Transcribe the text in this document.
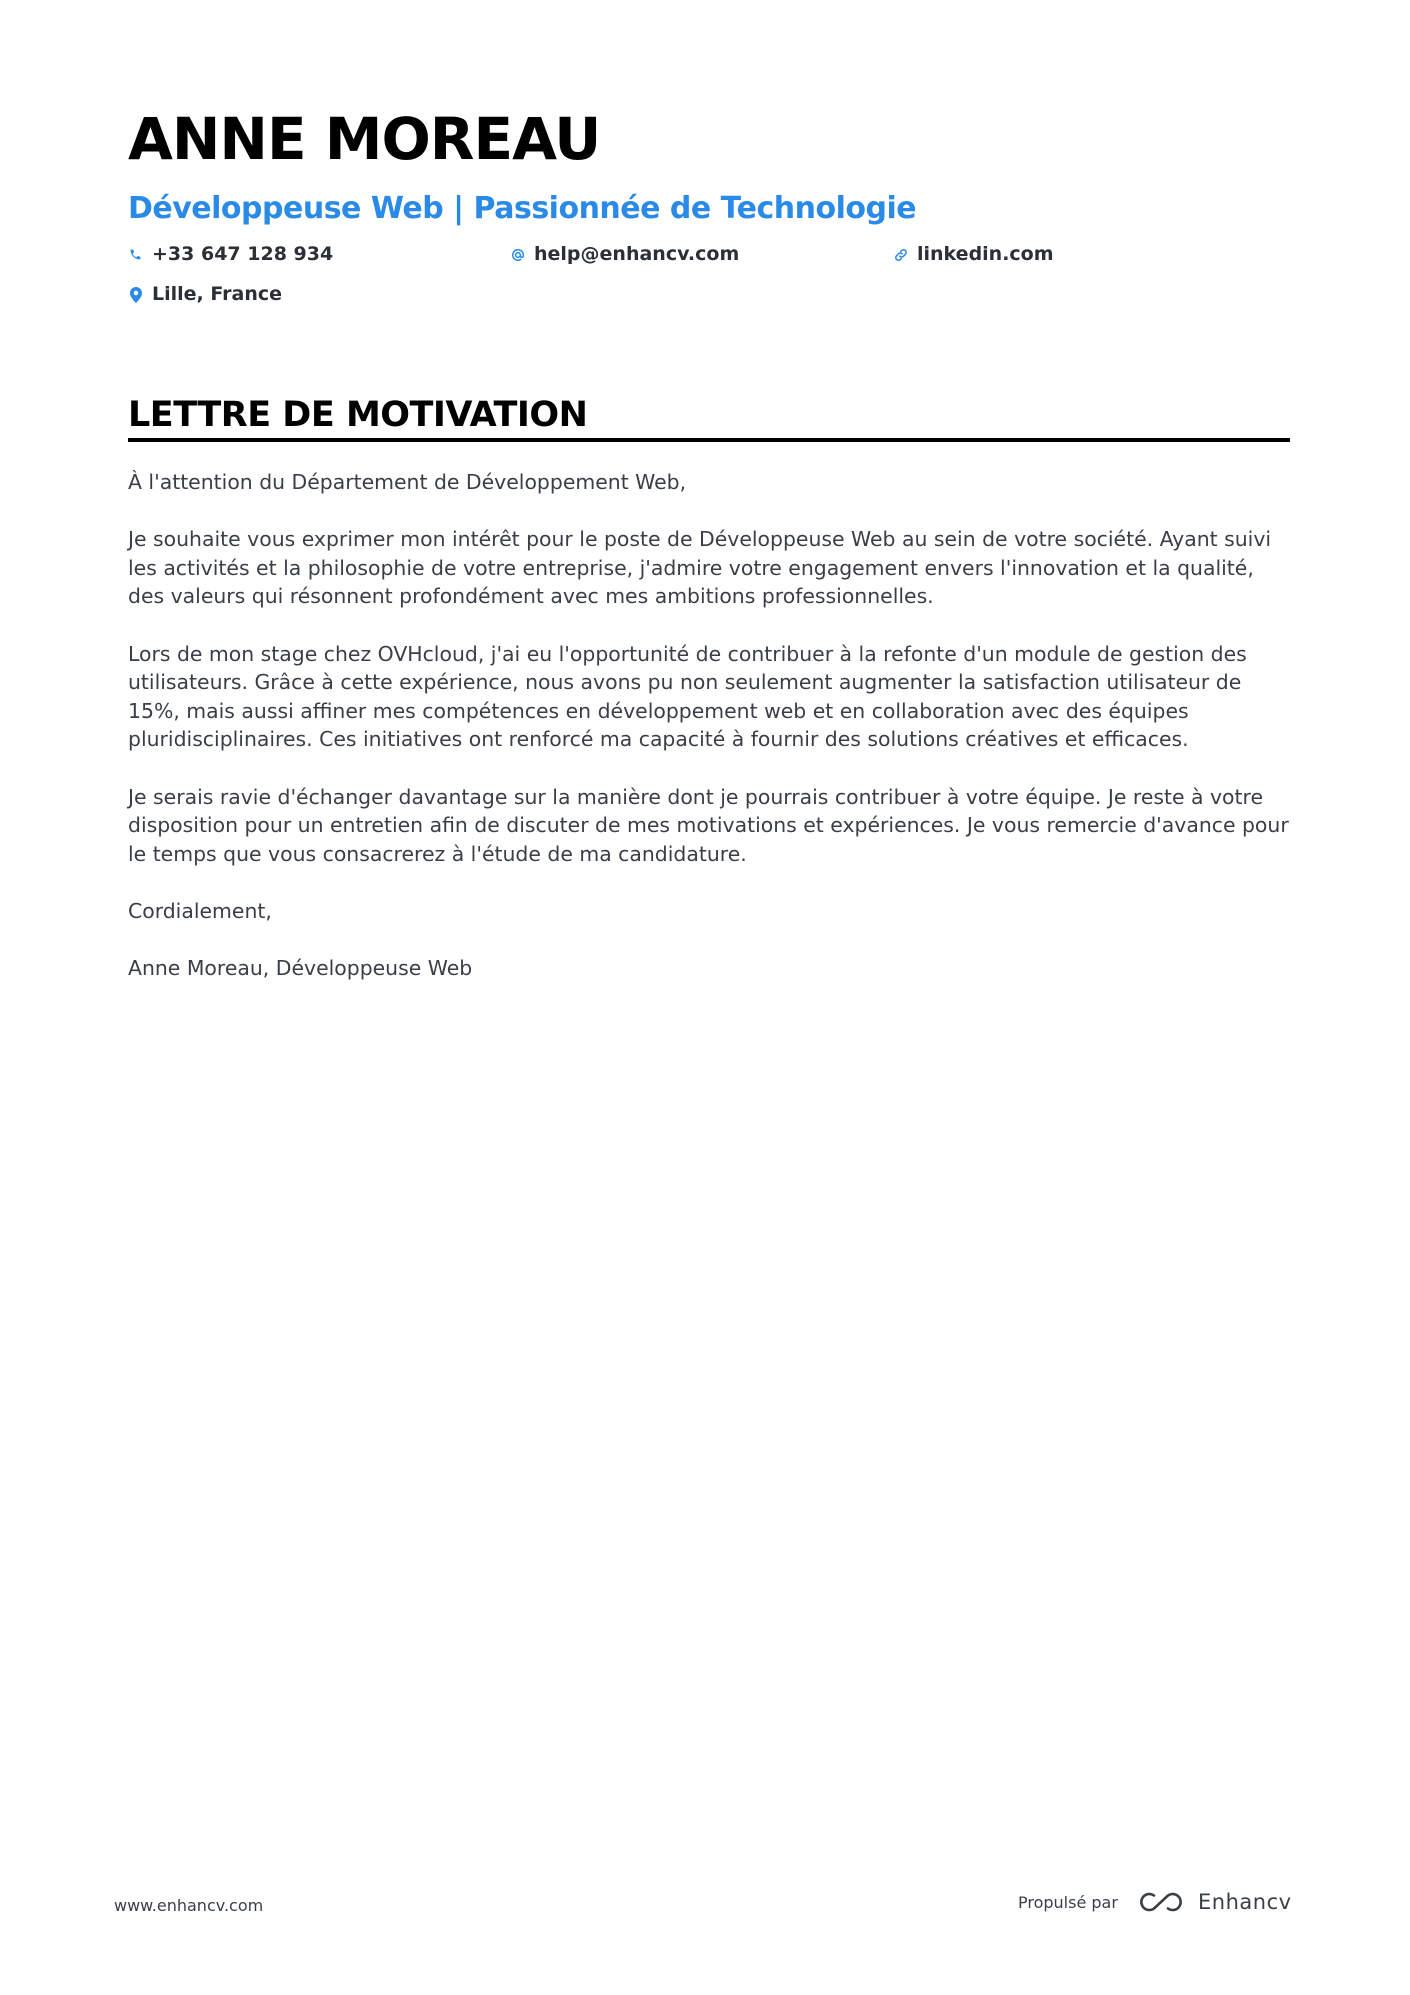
ANNE MOREAU
Développeuse Web | Passionnée de Technologie
+33 647 128 934	help@enhancv.com	linkedin.com
Lille, France
LETTRE DE MOTIVATION

À l'attention du Département de Développement Web,

Je souhaite vous exprimer mon intérêt pour le poste de Développeuse Web au sein de votre société. Ayant suivi les activités et la philosophie de votre entreprise, j'admire votre engagement envers l'innovation et la qualité, des valeurs qui résonnent profondément avec mes ambitions professionnelles.

Lors de mon stage chez OVHcloud, j'ai eu l'opportunité de contribuer à la refonte d'un module de gestion des utilisateurs. Grâce à cette expérience, nous avons pu non seulement augmenter la satisfaction utilisateur de 15%, mais aussi affiner mes compétences en développement web et en collaboration avec des équipes pluridisciplinaires. Ces initiatives ont renforcé ma capacité à fournir des solutions créatives et efficaces.

Je serais ravie d'échanger davantage sur la manière dont je pourrais contribuer à votre équipe. Je reste à votre disposition pour un entretien afin de discuter de mes motivations et expériences. Je vous remercie d'avance pour le temps que vous consacrerez à l'étude de ma candidature.

Cordialement,

Anne Moreau, Développeuse Web

www.enhancv.com	Propulsé par	Enhancv
